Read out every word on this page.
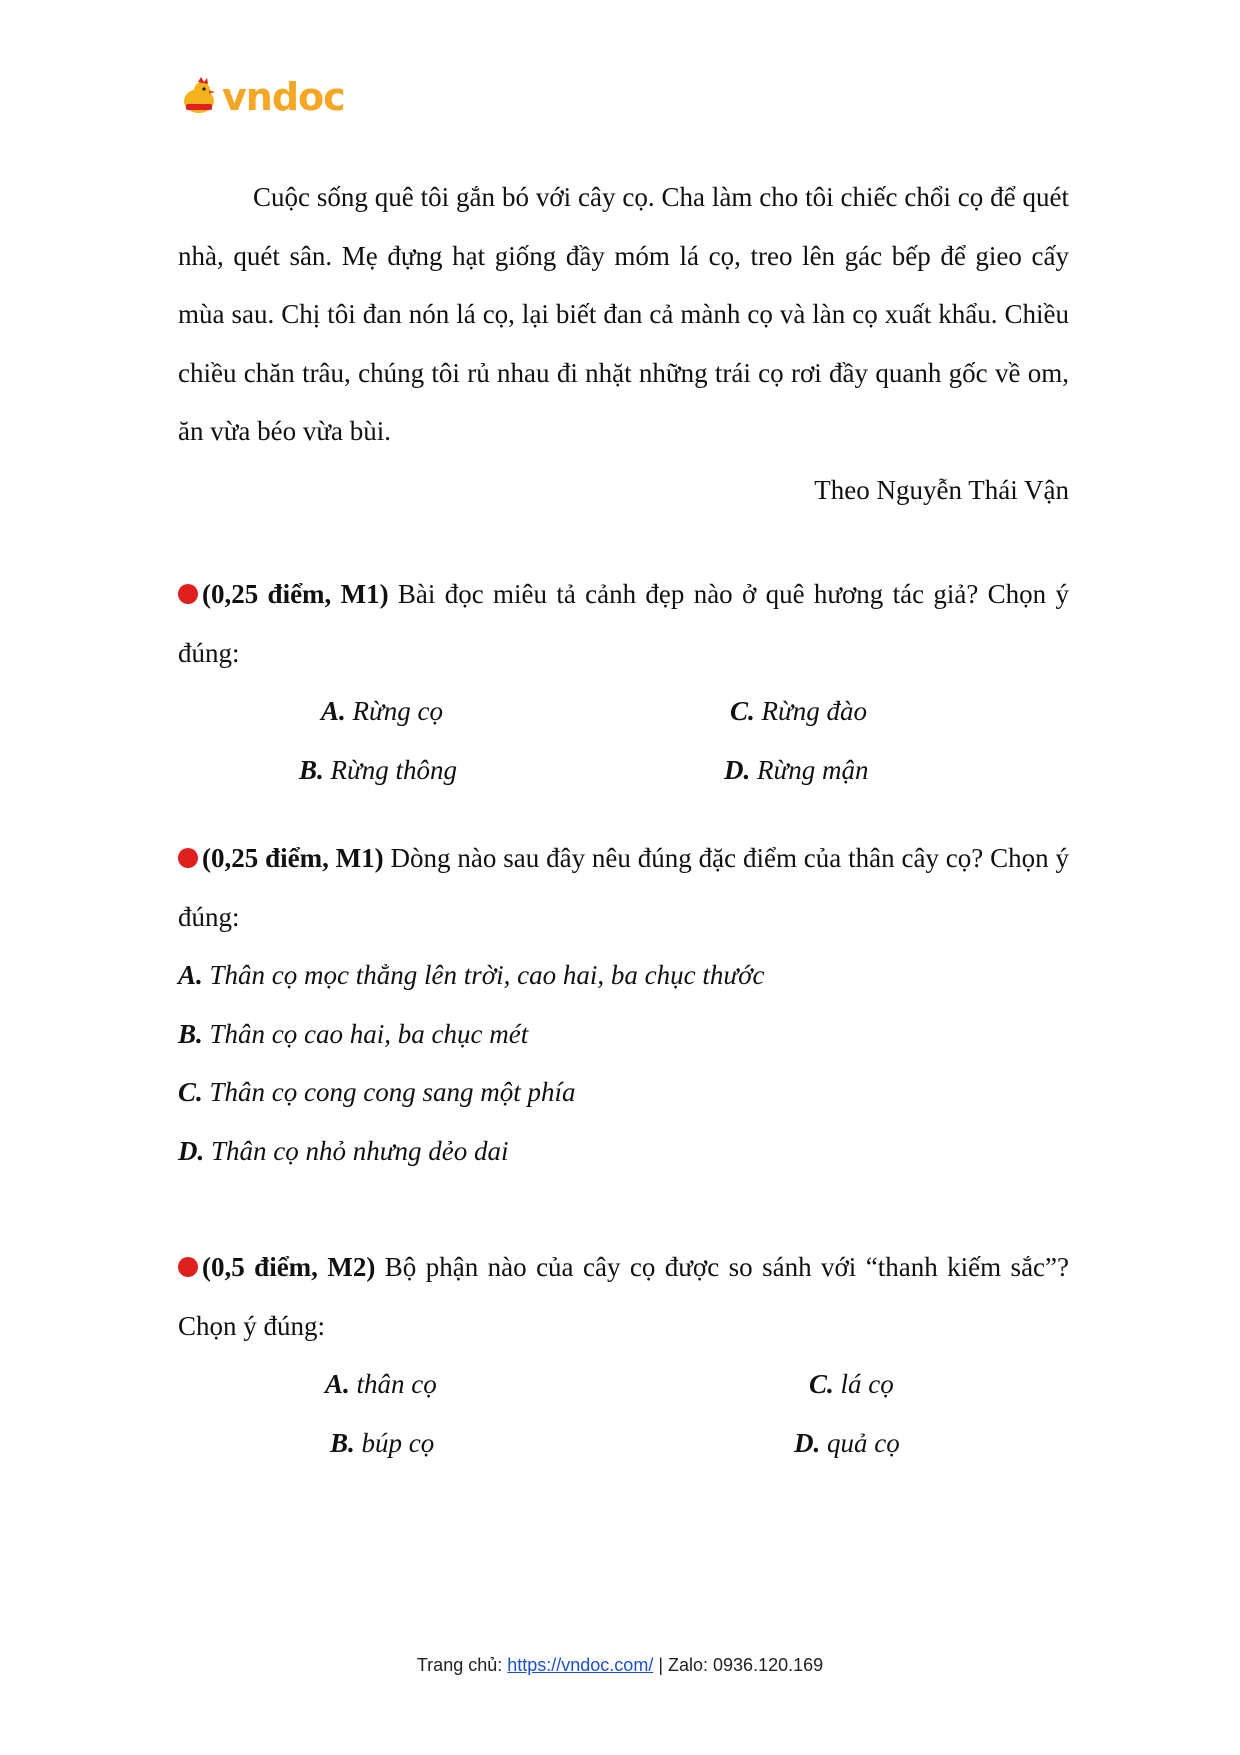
vndoc

Cuộc sống quê tôi gắn bó với cây cọ. Cha làm cho tôi chiếc chổi cọ để quét nhà, quét sân. Mẹ đựng hạt giống đầy móm lá cọ, treo lên gác bếp để gieo cấy mùa sau. Chị tôi đan nón lá cọ, lại biết đan cả mành cọ và làn cọ xuất khẩu. Chiều chiều chăn trâu, chúng tôi rủ nhau đi nhặt những trái cọ rơi đầy quanh gốc về om, ăn vừa béo vừa bùi.

Theo Nguyễn Thái Vận

(0,25 điểm, M1) Bài đọc miêu tả cảnh đẹp nào ở quê hương tác giả? Chọn ý đúng:

A. Rừng cọ	C. Rừng đào
B. Rừng thông	D. Rừng mận

(0,25 điểm, M1) Dòng nào sau đây nêu đúng đặc điểm của thân cây cọ? Chọn ý đúng:

A. Thân cọ mọc thẳng lên trời, cao hai, ba chục thước

B. Thân cọ cao hai, ba chục mét

C. Thân cọ cong cong sang một phía

D. Thân cọ nhỏ nhưng dẻo dai

(0,5 điểm, M2) Bộ phận nào của cây cọ được so sánh với “thanh kiếm sắc”? Chọn ý đúng:

A. thân cọ	C. lá cọ
B. búp cọ	D. quả cọ
Trang chủ: https://vndoc.com/ | Zalo: 0936.120.169
